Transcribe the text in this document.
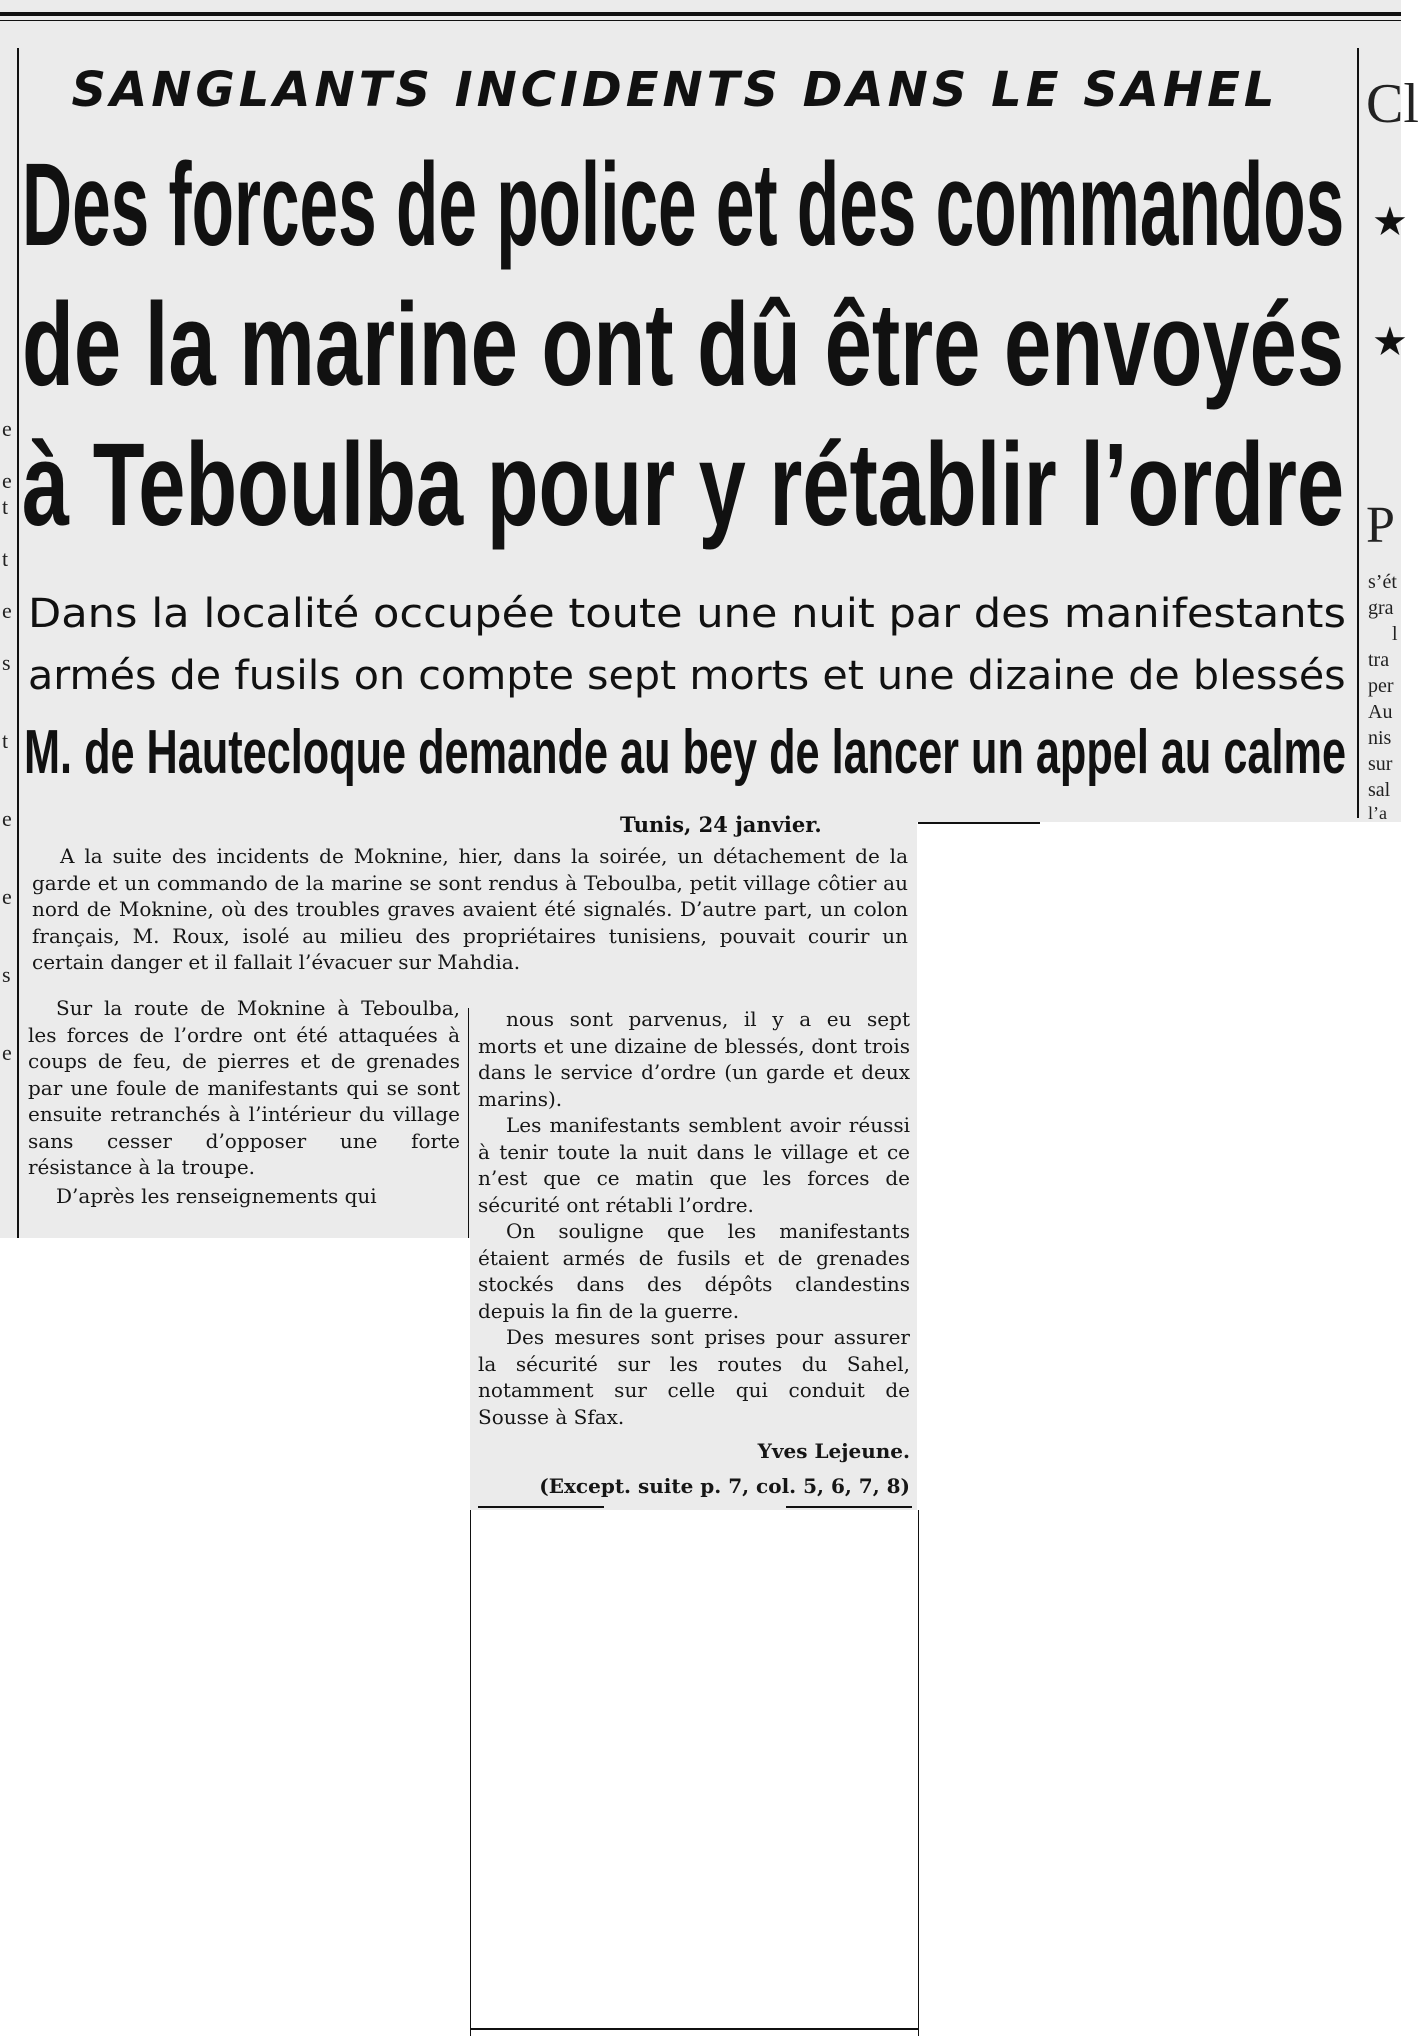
e
e
t
t
e
s
t
e
e
s
e
Cl
★
★
P
s’ét
gra
l
tra
per
Au
nis
sur
sal
l’a
SANGLANTS INCIDENTS DANS LE SAHEL
Des forces de police et des commandos
de la marine ont dû être envoyés
à Teboulba pour y rétablir l’ordre
Dans la localité occupée toute une nuit par des manifestants
armés de fusils on compte sept morts et une dizaine de blessés
M. de Hautecloque demande au bey de lancer un appel au calme
Tunis, 24 janvier.

A la suite des incidents de Moknine, hier, dans la soirée, un détachement de la garde et un commando de la marine se sont rendus à Teboulba, petit village côtier au nord de Moknine, où des troubles graves avaient été signalés. D’autre part, un colon français, M. Roux, isolé au milieu des propriétaires tunisiens, pouvait courir un certain danger et il fallait l’évacuer sur Mahdia.

Sur la route de Moknine à Teboulba, les forces de l’ordre ont été attaquées à coups de feu, de pierres et de grenades par une foule de manifestants qui se sont ensuite retranchés à l’intérieur du village sans cesser d’opposer une forte résistance à la troupe.

D’après les renseignements qui

nous sont parvenus, il y a eu sept morts et une dizaine de blessés, dont trois dans le service d’ordre (un garde et deux marins).

Les manifestants semblent avoir réussi à tenir toute la nuit dans le village et ce n’est que ce matin que les forces de sécurité ont rétabli l’ordre.

On souligne que les manifestants étaient armés de fusils et de grenades stockés dans des dépôts clandestins depuis la fin de la guerre.

Des mesures sont prises pour assurer la sécurité sur les routes du Sahel, notamment sur celle qui conduit de Sousse à Sfax.

Yves Lejeune.

(Except. suite p. 7, col. 5, 6, 7, 8)
